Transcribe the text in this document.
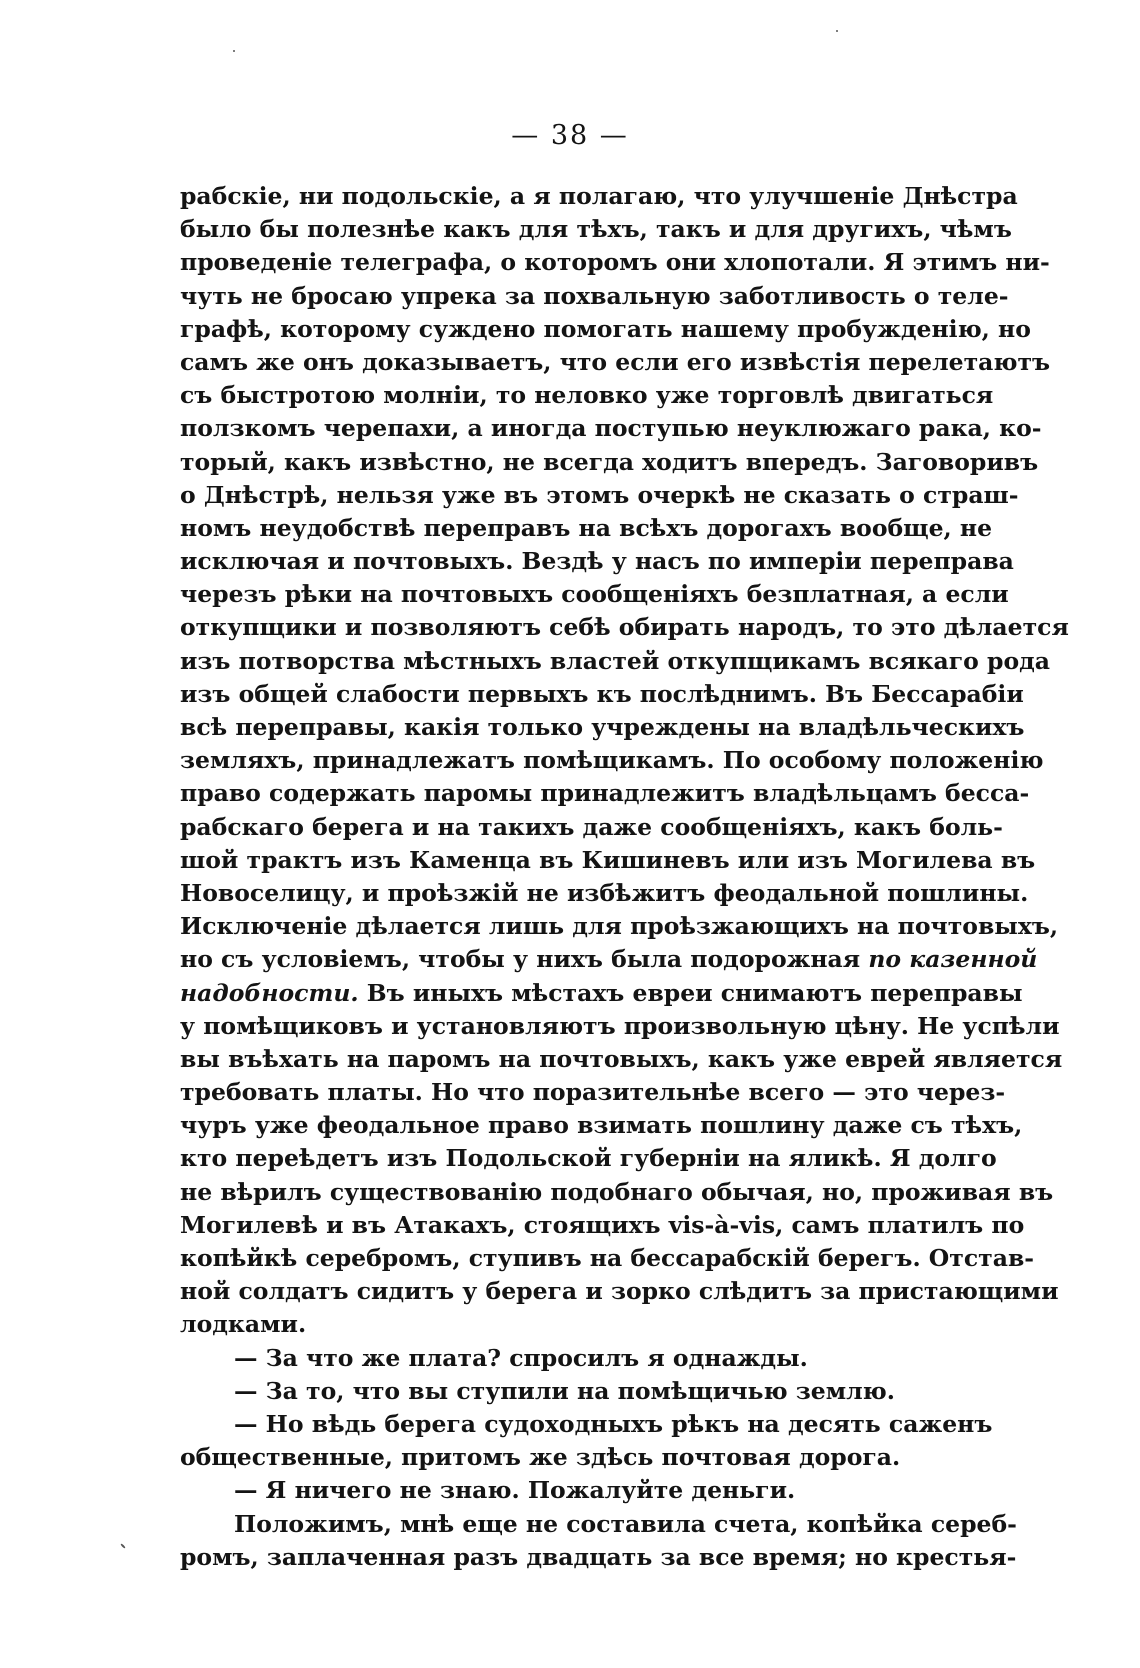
— 38 —
рабскіе, ни подольскіе, а я полагаю, что улучшеніе Днѣстра
было бы полезнѣе какъ для тѣхъ, такъ и для другихъ, чѣмъ
проведеніе телеграфа, о которомъ они хлопотали. Я этимъ ни-
чуть не бросаю упрека за похвальную заботливость о теле-
графѣ, которому суждено помогать нашему пробужденію, но
самъ же онъ доказываетъ, что если его извѣстія перелетаютъ
съ быстротою молніи, то неловко уже торговлѣ двигаться
ползкомъ черепахи, а иногда поступью неуклюжаго рака, ко-
торый, какъ извѣстно, не всегда ходитъ впередъ. Заговоривъ
о Днѣстрѣ, нельзя уже въ этомъ очеркѣ не сказать о страш-
номъ неудобствѣ переправъ на всѣхъ дорогахъ вообще, не
исключая и почтовыхъ. Вездѣ у насъ по имперіи переправа
черезъ рѣки на почтовыхъ сообщеніяхъ безплатная, а если
откупщики и позволяютъ себѣ обирать народъ, то это дѣлается
изъ потворства мѣстныхъ властей откупщикамъ всякаго рода
изъ общей слабости первыхъ къ послѣднимъ. Въ Бессарабіи
всѣ переправы, какія только учреждены на владѣльческихъ
земляхъ, принадлежатъ помѣщикамъ. По особому положенію
право содержать паромы принадлежитъ владѣльцамъ бесса-
рабскаго берега и на такихъ даже сообщеніяхъ, какъ боль-
шой трактъ изъ Каменца въ Кишиневъ или изъ Могилева въ
Новоселицу, и проѣзжій не избѣжитъ феодальной пошлины.
Исключеніе дѣлается лишь для проѣзжающихъ на почтовыхъ,
но съ условіемъ, чтобы у нихъ была подорожная по казенной
надобности. Въ иныхъ мѣстахъ евреи снимаютъ переправы
у помѣщиковъ и установляютъ произвольную цѣну. Не успѣли
вы въѣхать на паромъ на почтовыхъ, какъ уже еврей является
требовать платы. Но что поразительнѣе всего — это через-
чуръ уже феодальное право взимать пошлину даже съ тѣхъ,
кто переѣдетъ изъ Подольской губерніи на яликѣ. Я долго
не вѣрилъ существованію подобнаго обычая, но, проживая въ
Могилевѣ и въ Атакахъ, стоящихъ vis-à-vis, самъ платилъ по
копѣйкѣ серебромъ, ступивъ на бессарабскій берегъ. Отстав-
ной солдатъ сидитъ у берега и зорко слѣдитъ за пристающими
лодками.
— За что же плата? спросилъ я однажды.
— За то, что вы ступили на помѣщичью землю.
— Но вѣдь берега судоходныхъ рѣкъ на десять саженъ
общественные, притомъ же здѣсь почтовая дорога.
— Я ничего не знаю. Пожалуйте деньги.
Положимъ, мнѣ еще не составила счета, копѣйка сереб-
ромъ, заплаченная разъ двадцать за все время; но крестья-
